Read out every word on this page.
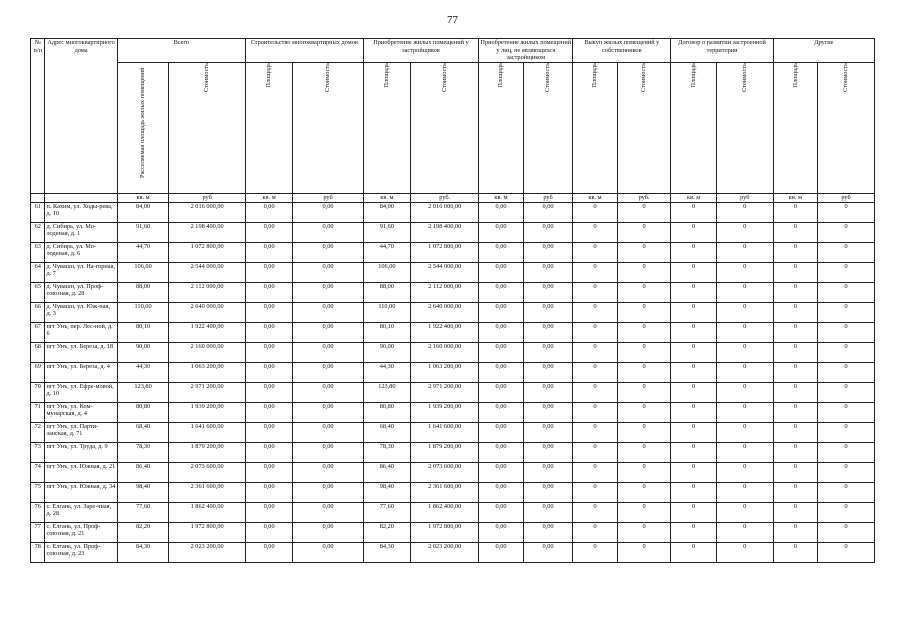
77
№ п/п	Адрес многоквартирного дома	Всего		Строительство многоквартирных домов		Приобретение жилых помещений у застройщиков		Приобретение жилых помещений у лиц, не являющихся застройщиком		Выкуп жилых помещений у собственников		Договор о развитии застроенной территории		Другие	
		Расселяемая площадь жилых помещений	Стоимость	Площадь	Стоимость	Площадь	Стоимость	Площадь	Стоимость	Площадь	Стоимость	Площадь	Стоимость	Площадь	Стоимость
		кв. м	руб	кв. м	руб	кв. м	руб.	кв. м	руб	кв. м	руб.	кв. м	руб	кв. м	руб
61	п. Кахим, ул. Ходы-рева, д. 10	84,00	2 016 000,00	0,00	0,00	84,00	2 016 000,00	0,00	0,00	0	0	0	0	0	0
62	д. Сибирь, ул. Мо-лоденая, д. 1	91,60	2 198 400,00	0,00	0,00	91,60	2 198 400,00	0,00	0,00	0	0	0	0	0	0
63	д. Сибирь, ул. Мо-лоденая, д. 6	44,70	1 072 800,00	0,00	0,00	44,70	1 072 800,00	0,00	0,00	0	0	0	0	0	0
64	д. Чувашн, ул. На-горная, д. 7	106,00	2 544 000,00	0,00	0,00	106,00	2 544 000,00	0,00	0,00	0	0	0	0	0	0
65	д. Чувашн, ул. Проф-союзная, д. 28	88,00	2 112 000,00	0,00	0,00	88,00	2 112 000,00	0,00	0,00	0	0	0	0	0	0
66	д. Чувашн, ул. Юж-ная, д. 3	110,00	2 640 000,00	0,00	0,00	110,00	2 640 000,00	0,00	0,00	0	0	0	0	0	0
67	пгт Унъ, пер. Лес-ной, д. 6	80,10	1 922 400,00	0,00	0,00	80,10	1 922 400,00	0,00	0,00	0	0	0	0	0	0
68	пгт Унъ, ул. Береза, д. 18	90,00	2 160 000,00	0,00	0,00	90,00	2 160 000,00	0,00	0,00	0	0	0	0	0	0
69	пгт Унъ, ул. Береза, д. 4	44,30	1 063 200,00	0,00	0,00	44,30	1 063 200,00	0,00	0,00	0	0	0	0	0	0
70	пгт Унъ, ул. Ефре-мовой, д. 10	123,80	2 971 200,00	0,00	0,00	123,80	2 971 200,00	0,00	0,00	0	0	0	0	0	0
71	пгт Унъ, ул. Ком-мунарская, д. 4	80,80	1 939 200,00	0,00	0,00	80,80	1 939 200,00	0,00	0,00	0	0	0	0	0	0
72	пгт Унъ, ул. Парти-занская, д. 71	68,40	1 641 600,00	0,00	0,00	68,40	1 641 600,00	0,00	0,00	0	0	0	0	0	0
73	пгт Унъ, ул. Труда, д. 9	78,30	1 879 200,00	0,00	0,00	78,30	1 879 200,00	0,00	0,00	0	0	0	0	0	0
74	пгт Унъ, ул. Южная, д. 21	86,40	2 073 600,00	0,00	0,00	86,40	2 073 600,00	0,00	0,00	0	0	0	0	0	0
75	пгт Унъ, ул. Южная, д. 34	98,40	2 361 600,00	0,00	0,00	98,40	2 361 600,00	0,00	0,00	0	0	0	0	0	0
76	с. Елгань, ул. Заре-чная, д. 28	77,60	1 862 400,00	0,00	0,00	77,60	1 862 400,00	0,00	0,00	0	0	0	0	0	0
77	с. Елгань, ул. Проф-союзная, д. 21	82,20	1 972 800,00	0,00	0,00	82,20	1 972 800,00	0,00	0,00	0	0	0	0	0	0
78	с. Елгань, ул. Проф-союзная, д. 23	84,30	2 023 200,00	0,00	0,00	84,30	2 023 200,00	0,00	0,00	0	0	0	0	0	0
